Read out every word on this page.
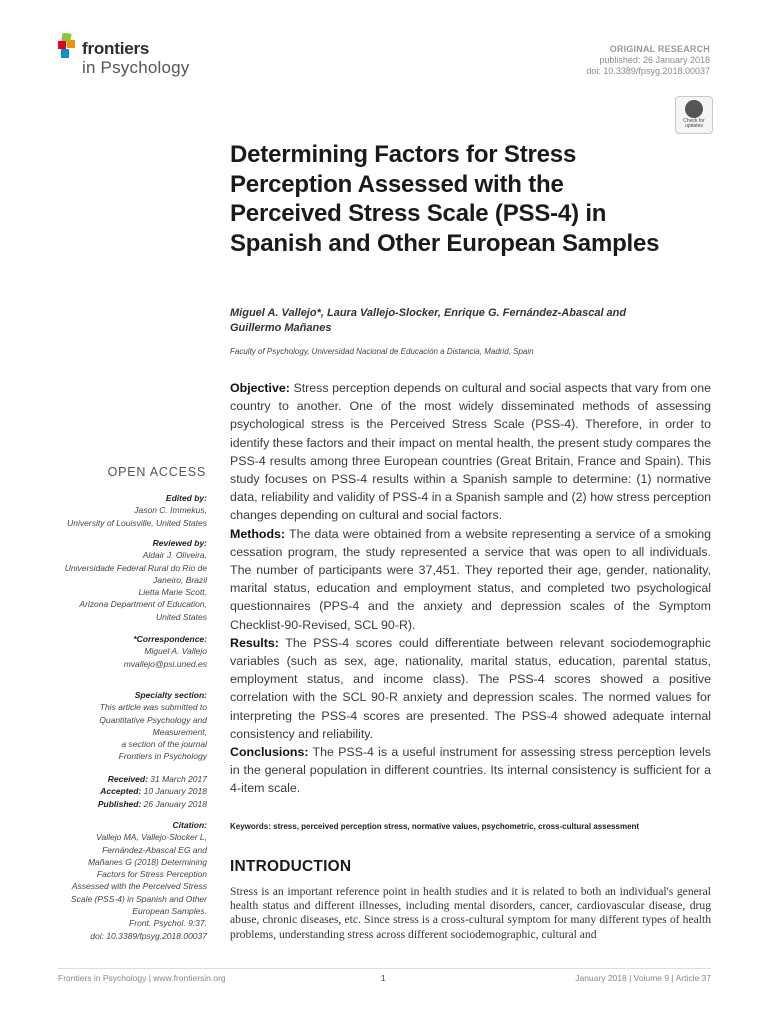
frontiers
in Psychology
ORIGINAL RESEARCH
published: 26 January 2018
doi: 10.3389/fpsyg.2018.00037
Check for
updates
Determining Factors for Stress Perception Assessed with the Perceived Stress Scale (PSS-4) in Spanish and Other European Samples
Miguel A. Vallejo*, Laura Vallejo-Slocker, Enrique G. Fernández-Abascal and Guillermo Mañanes
Faculty of Psychology, Universidad Nacional de Educación a Distancia, Madrid, Spain

Objective: Stress perception depends on cultural and social aspects that vary from one country to another. One of the most widely disseminated methods of assessing psychological stress is the Perceived Stress Scale (PSS-4). Therefore, in order to identify these factors and their impact on mental health, the present study compares the PSS-4 results among three European countries (Great Britain, France and Spain). This study focuses on PSS-4 results within a Spanish sample to determine: (1) normative data, reliability and validity of PSS-4 in a Spanish sample and (2) how stress perception changes depending on cultural and social factors.

Methods: The data were obtained from a website representing a service of a smoking cessation program, the study represented a service that was open to all individuals. The number of participants were 37,451. They reported their age, gender, nationality, marital status, education and employment status, and completed two psychological questionnaires (PPS-4 and the anxiety and depression scales of the Symptom Checklist-90-Revised, SCL 90-R).

Results: The PSS-4 scores could differentiate between relevant sociodemographic variables (such as sex, age, nationality, marital status, education, parental status, employment status, and income class). The PSS-4 scores showed a positive correlation with the SCL 90-R anxiety and depression scales. The normed values for interpreting the PSS-4 scores are presented. The PSS-4 showed adequate internal consistency and reliability.

Conclusions: The PSS-4 is a useful instrument for assessing stress perception levels in the general population in different countries. Its internal consistency is sufficient for a 4-item scale.

Keywords: stress, perceived perception stress, normative values, psychometric, cross-cultural assessment
INTRODUCTION
Stress is an important reference point in health studies and it is related to both an individual's general health status and different illnesses, including mental disorders, cancer, cardiovascular disease, drug abuse, chronic diseases, etc. Since stress is a cross-cultural symptom for many different types of health problems, understanding stress across different sociodemographic, cultural and
OPEN ACCESS
Edited by:
Jason C. Immekus,
University of Louisville, United States
Reviewed by:
Aldair J. Oliveira,
Universidade Federal Rural do Rio de
Janeiro, Brazil
Lietta Marie Scott,
Arizona Department of Education,
United States
*Correspondence:
Miguel A. Vallejo
mvallejo@psi.uned.es
Specialty section:
This article was submitted to
Quantitative Psychology and
Measurement,
a section of the journal
Frontiers in Psychology
Received: 31 March 2017
Accepted: 10 January 2018
Published: 26 January 2018
Citation:
Vallejo MA, Vallejo-Slocker L,
Fernández-Abascal EG and
Mañanes G (2018) Determining
Factors for Stress Perception
Assessed with the Perceived Stress
Scale (PSS-4) in Spanish and Other
European Samples.
Front. Psychol. 9:37.
doi: 10.3389/fpsyg.2018.00037
Frontiers in Psychology | www.frontiersin.org	1	January 2018 | Volume 9 | Article 37
